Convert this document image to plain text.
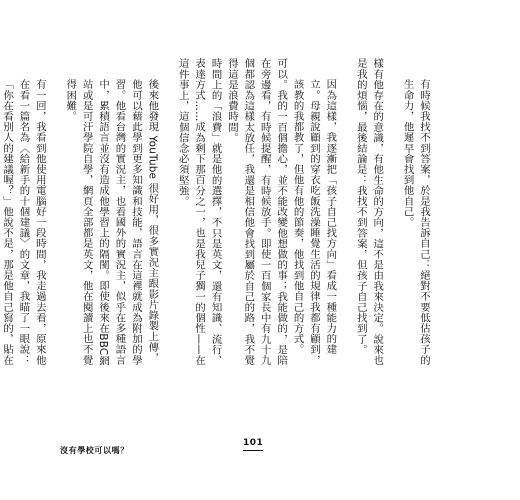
有時候我找不到答案，於是我告訴自己：絕對不要低估孩子的生命力，他遲早會找到他自己。

樣有他存在的意識，有他生命的方向，這不是由我來決定。說來也是我的煩惱，最後結論是：我找不到答案，但孩子自己找到了。

因為這樣，我逐漸把「孩子自己找方向」看成一種能力的建立。母親說顧到的穿衣吃飯洗澡睡覺生活的規律我都有顧到，該教的我都教了，但他有他的節奏，他找到他自己的方式。

可以。我的一百個擔心，並不能改變他想做的事；我能做的，是陪在旁邊看，有時候提醒，有時候放手。即使一百個家長中有九十九個都認為這樣太放任，我還是相信他會找到屬於自己的路，我不覺得這是浪費時間。

時間上的「浪費」就是他的選擇，不只是英文，還有知識、流行、表達方式……成為剩下那百分之一，也是我兒子獨一的個性——在這件事上，這個信念必須堅強。

後來他發現 YouTube 很好用，很多實況主跟影片錄製上傳，他可以藉此學到更多知識和技能，語言在這裡就成為附加的學習。他看台灣的實況主，也看國外的實況主，似乎在多種語言中，累積語言並沒有造成他學習上的隔閡。即使後來在BBC網站或是可汗學院自學，網頁全部都是英文，他在閱讀上也不覺得困難。

有一回，我看到他使用電腦好一段時間，我走過去看，原來他在看一篇名為〈給新手的十個建議〉的文章，我瞄了一眼說：「你在看別人的建議喔？」他說不是，那是他自己寫的，貼在

沒有學校可以嗎？
101
